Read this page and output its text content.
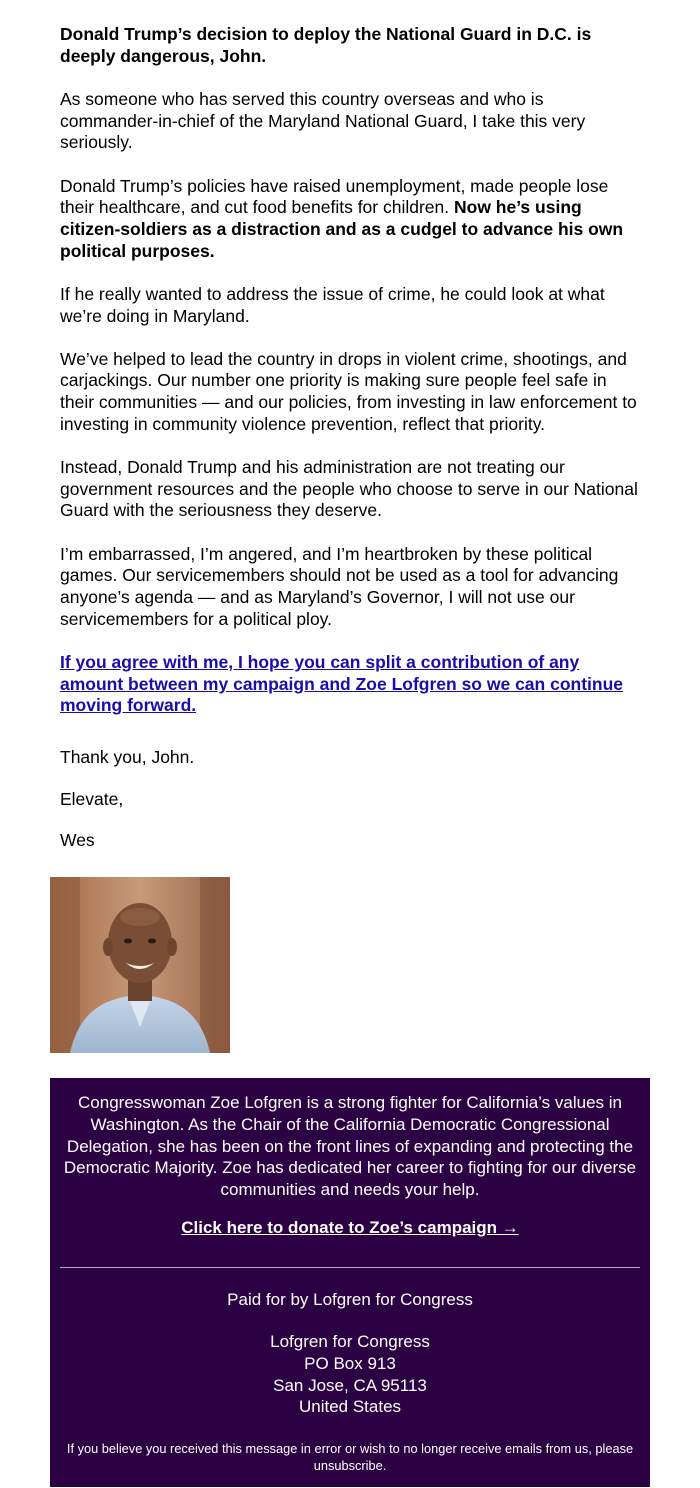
Donald Trump’s decision to deploy the National Guard in D.C. is deeply dangerous, John.

As someone who has served this country overseas and who is commander-in-chief of the Maryland National Guard, I take this very seriously.

Donald Trump’s policies have raised unemployment, made people lose their healthcare, and cut food benefits for children. Now he’s using citizen-soldiers as a distraction and as a cudgel to advance his own political purposes.

If he really wanted to address the issue of crime, he could look at what we’re doing in Maryland.

We’ve helped to lead the country in drops in violent crime, shootings, and carjackings. Our number one priority is making sure people feel safe in their communities — and our policies, from investing in law enforcement to investing in community violence prevention, reflect that priority.

Instead, Donald Trump and his administration are not treating our government resources and the people who choose to serve in our National Guard with the seriousness they deserve.

I’m embarrassed, I’m angered, and I’m heartbroken by these political games. Our servicemembers should not be used as a tool for advancing anyone’s agenda — and as Maryland’s Governor, I will not use our servicemembers for a political ploy.

If you agree with me, I hope you can split a contribution of any amount between my campaign and Zoe Lofgren so we can continue moving forward.

Thank you, John.

Elevate,

Wes

Congresswoman Zoe Lofgren is a strong fighter for California’s values in Washington. As the Chair of the California Democratic Congressional Delegation, she has been on the front lines of expanding and protecting the Democratic Majority. Zoe has dedicated her career to fighting for our diverse communities and needs your help.
Click here to donate to Zoe’s campaign →
Paid for by Lofgren for Congress
Lofgren for Congress
PO Box 913
San Jose, CA 95113
United States
If you believe you received this message in error or wish to no longer receive emails from us, please unsubscribe.
